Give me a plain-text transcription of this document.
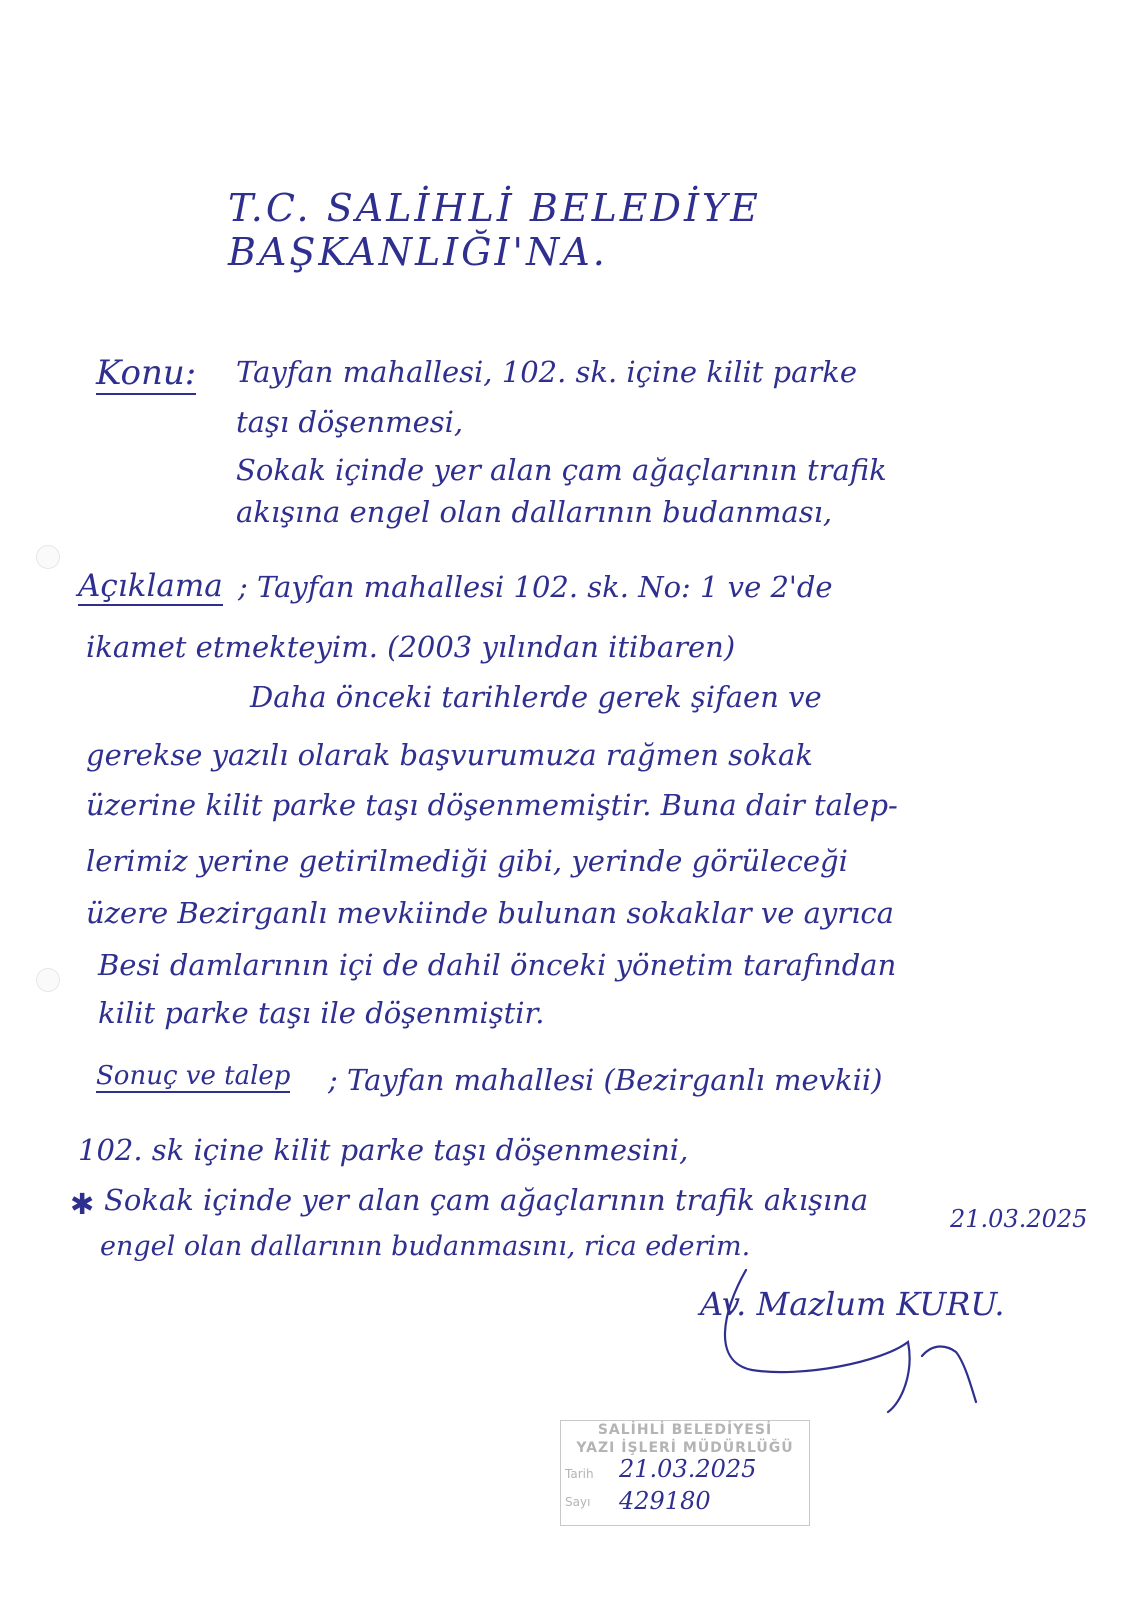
T.C. SALİHLİ BELEDİYE BAŞKANLIĞI'NA.
Konu: Tayfan mahallesi, 102. sk. içine kilit parke
taşı döşenmesi,
Sokak içinde yer alan çam ağaçlarının trafik
akışına engel olan dallarının budanması,
Açıklama ; Tayfan mahallesi 102. sk. No: 1 ve 2'de
ikamet etmekteyim. (2003 yılından itibaren)
Daha önceki tarihlerde gerek şifaen ve
gerekse yazılı olarak başvurumuza rağmen sokak
üzerine kilit parke taşı döşenmemiştir. Buna dair talep-
lerimiz yerine getirilmediği gibi, yerinde görüleceği
üzere Bezirganlı mevkiinde bulunan sokaklar ve ayrıca
Besi damlarının içi de dahil önceki yönetim tarafından
kilit parke taşı ile döşenmiştir.
Sonuç ve talep ; Tayfan mahallesi (Bezirganlı mevkii)
102. sk içine kilit parke taşı döşenmesini,
✱ Sokak içinde yer alan çam ağaçlarının trafik akışına
engel olan dallarının budanmasını, rica ederim.
21.03.2025
Av. Mazlum KURU.
SALİHLİ BELEDİYESİ
YAZI İŞLERİ MÜDÜRLÜĞÜ
Tarih 21.03.2025
Sayı 429180
